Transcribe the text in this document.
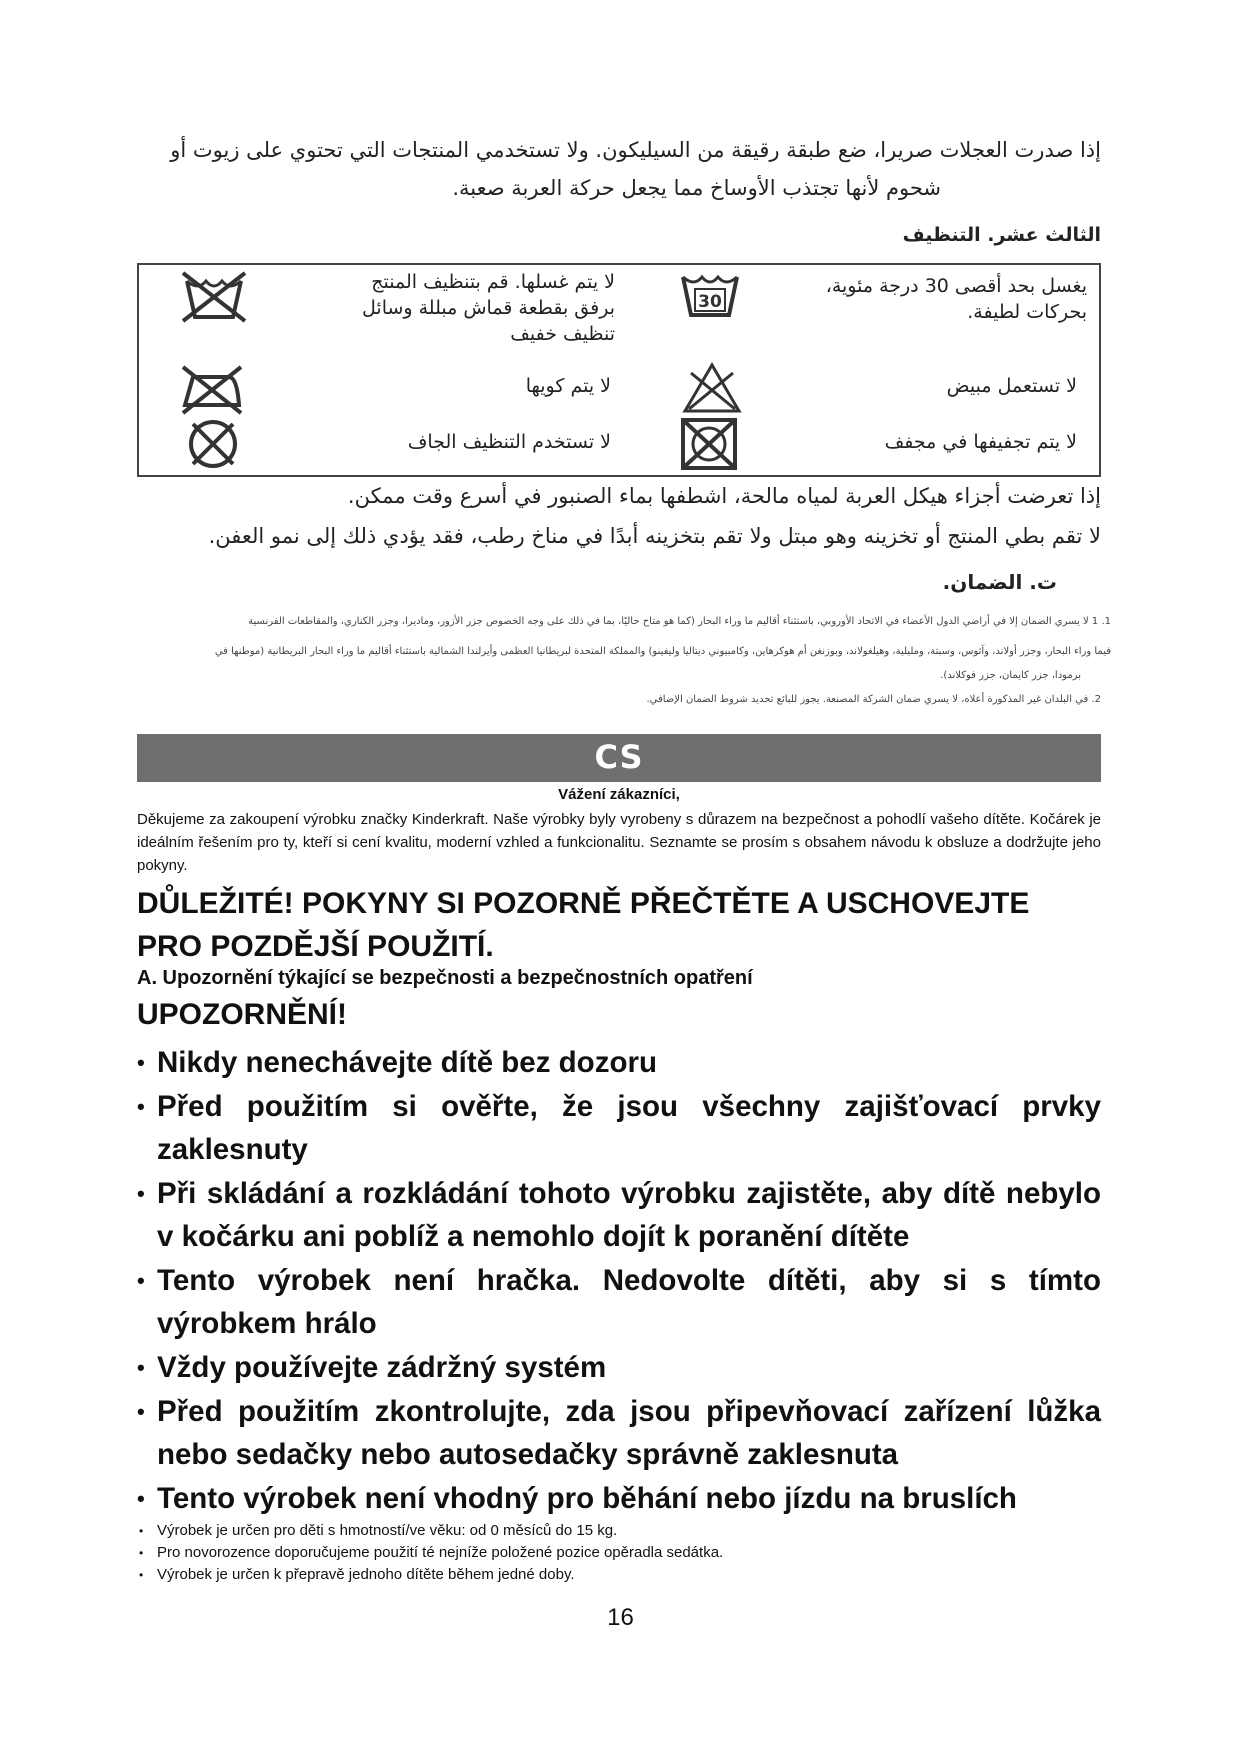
إذا صدرت العجلات صريرا، ضع طبقة رقيقة من السيليكون. ولا تستخدمي المنتجات التي تحتوي على زيوت أو
شحوم لأنها تجتذب الأوساخ مما يجعل حركة العربة صعبة.
الثالث عشر. التنظيف
يغسل بحد أقصى 30 درجة مئوية،
بحركات لطيفة.
30
لا يتم غسلها. قم بتنظيف المنتج
برفق بقطعة قماش مبللة وسائل
تنظيف خفيف
لا تستعمل مبيض
لا يتم كويها
لا يتم تجفيفها في مجفف
لا تستخدم التنظيف الجاف
إذا تعرضت أجزاء هيكل العربة لمياه مالحة، اشطفها بماء الصنبور في أسرع وقت ممكن.
لا تقم بطي المنتج أو تخزينه وهو مبتل ولا تقم بتخزينه أبدًا في مناخ رطب، فقد يؤدي ذلك إلى نمو العفن.
ت. الضمان.
1. 1 لا يسري الضمان إلا في أراضي الدول الأعضاء في الاتحاد الأوروبي، باستثناء أقاليم ما وراء البحار (كما هو متاح حاليًا، بما في ذلك على وجه الخصوص جزر الأزور، وماديرا، وجزر الكناري، والمقاطعات الفرنسية
فيما وراء البحار، وجزر أولاند، وآثوس، وسبتة، ومليلية، وهيلغولاند، وبوزنغن أم هوكرهاين، وكامبيوني ديتاليا وليفينو) والمملكة المتحدة لبريطانيا العظمى وأيرلندا الشمالية باستثناء أقاليم ما وراء البحار البريطانية (موطنها في
برمودا، جزر كايمان، جزر فوكلاند).
2. في البلدان غير المذكورة أعلاه، لا يسري ضمان الشركة المصنعة. يجوز للبائع تحديد شروط الضمان الإضافي.
CS
Vážení zákazníci,
Děkujeme za zakoupení výrobku značky Kinderkraft. Naše výrobky byly vyrobeny s důrazem na bezpečnost a pohodlí vašeho dítěte. Kočárek je ideálním řešením pro ty, kteří si cení kvalitu, moderní vzhled a funkcionalitu. Seznamte se prosím s obsahem návodu k obsluze a dodržujte jeho pokyny.
DŮLEŽITÉ! POKYNY SI POZORNĚ PŘEČTĚTE A USCHOVEJTE PRO POZDĚJŠÍ POUŽITÍ.
A. Upozornění týkající se bezpečnosti a bezpečnostních opatření
UPOZORNĚNÍ!
• Nikdy nenechávejte dítě bez dozoru
• Před použitím si ověřte, že jsou všechny zajišťovací prvky zaklesnuty
• Při skládání a rozkládání tohoto výrobku zajistěte, aby dítě nebylo v kočárku ani poblíž a nemohlo dojít k poranění dítěte
• Tento výrobek není hračka. Nedovolte dítěti, aby si s tímto výrobkem hrálo
• Vždy používejte zádržný systém
• Před použitím zkontrolujte, zda jsou připevňovací zařízení lůžka nebo sedačky nebo autosedačky správně zaklesnuta
• Tento výrobek není vhodný pro běhání nebo jízdu na bruslích
• Výrobek je určen pro děti s hmotností/ve věku: od 0 měsíců do 15 kg.
• Pro novorozence doporučujeme použití té nejníže položené pozice opěradla sedátka.
• Výrobek je určen k přepravě jednoho dítěte během jedné doby.
16
